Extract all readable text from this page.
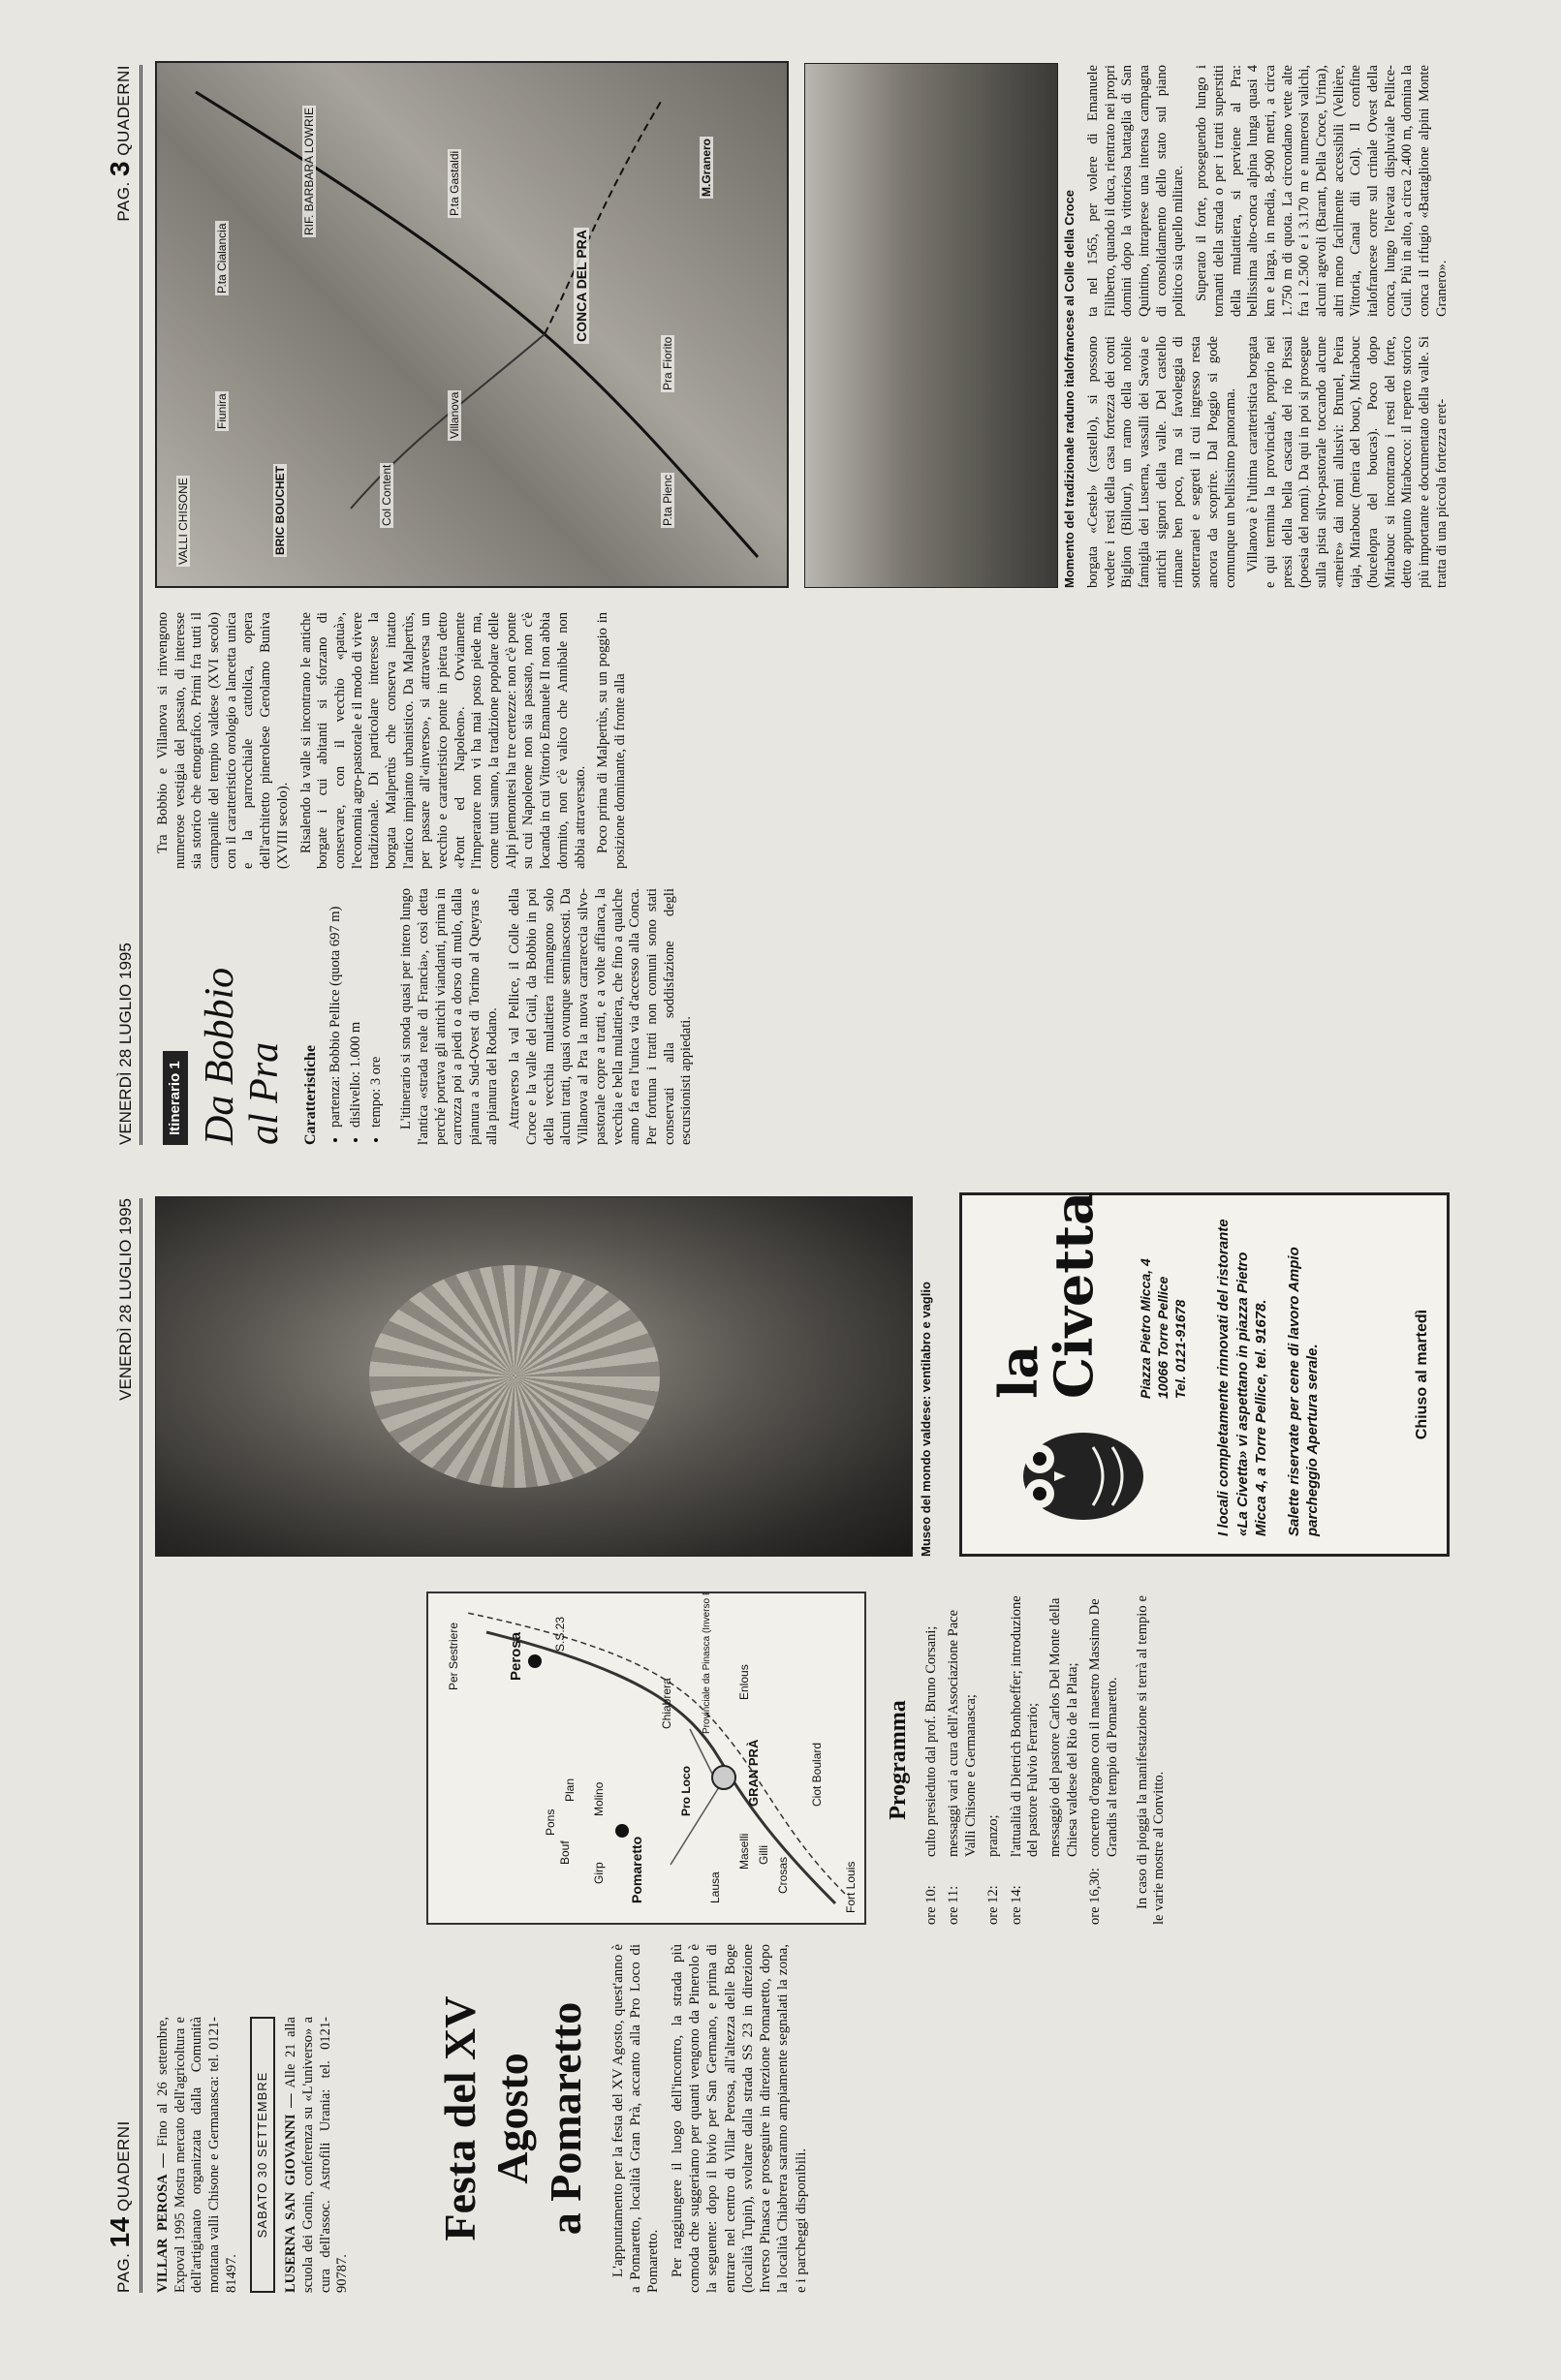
PAG. 14 QUADERNI
VENERDÌ 28 LUGLIO 1995

VILLAR PEROSA — Fino al 26 settembre, Expoval 1995 Mostra mercato dell'agricoltura e dell'artigianato organizzata dalla Comunità montana valli Chisone e Germanasca: tel. 0121-81497.

SABATO 30 SETTEMBRE LUSERNA SAN GIOVANNI — Alle 21 alla scuola dei Gonin, conferenza su «L'universo» a cura dell'assoc. Astrofili Urania: tel. 0121-90787.

Festa del XV Agosto a Pomaretto L'appuntamento per la festa del XV Agosto, quest'anno è a Pomaretto, località Gran Prà, accanto alla Pro Loco di Pomaretto. Per raggiungere il luogo dell'incontro, la strada più comoda che suggeriamo per quanti vengono da Pinerolo è la seguente: dopo il bivio per San Germano, e prima di entrare nel centro di Villar Perosa, all'altezza delle Boge (località Tupin), svoltare dalla strada SS 23 in direzione Inverso Pinasca e proseguire in direzione Pomaretto, dopo la località Chiabrera saranno ampiamente segnalati la zona, e i parcheggi disponibili.

Per Sestriere	Perosa	S.S.23
Pons
Bouf
Plan Molino
Girp Pomaretto
Pro Loco	GRAN PRÀ
Chiabrera	Provinciale da Pinasca (Inverso Pinasca)
Lausa
Maselli Gilli
Crosas
Ciot Boulard
Enlous
Fort Louis
Programma
ore 10:
culto presieduto dal prof. Bruno Corsani;
ore 11:
messaggi vari a cura dell'Associazione Pace Valli Chisone e Germanasca;
ore 12:
pranzo;
ore 14:
l'attualità di Dietrich Bonhoeffer; introduzione del pastore Fulvio Ferrario; messaggio del pastore Carlos Del Monte della Chiesa valdese del Rio de la Plata;
ore 16,30:
concerto d'organo con il maestro Massimo De Grandis al tempio di Pomaretto. In caso di pioggia la manifestazione si terrà al tempio e le varie mostre al Convitto.

Museo del mondo valdese: ventilabro e vaglio la
Civetta Piazza Pietro Micca, 4 10066 Torre Pellice Tel. 0121-91678 I locali completamente rinnovati del ristorante «La Civetta» vi aspettano in piazza Pietro Micca 4, a Torre Pellice, tel. 91678. Salette riservate per cene di lavoro Ampio parcheggio Apertura serale.	Chiuso al martedì
VENERDÌ 28 LUGLIO 1995
PAG. 3 QUADERNI
Itinerario 1 Da Bobbio al Pra Caratteristiche • partenza: Bobbio Pellice (quota 697 m) • dislivello: 1.000 m • tempo: 3 ore L'itinerario si snoda quasi per intero lungo l'antica «strada reale di Francia», così detta perché portava gli antichi viandanti, prima in carrozza poi a piedi o a dorso di mulo, dalla pianura a Sud-Ovest di Torino al Queyras e alla pianura del Rodano. Attraverso la val Pellice, il Colle della Croce e la valle del Guil, da Bobbio in poi della vecchia mulattiera rimangono solo alcuni tratti, quasi ovunque seminascosti. Da Villanova al Pra la nuova carrareccia silvo-pastorale copre a tratti, e a volte affianca, la vecchia e bella mulattiera, che fino a qualche anno fa era l'unica via d'accesso alla Conca. Per fortuna i tratti non comuni sono stati conservati alla soddisfazione degli escursionisti appiedati.

Tra Bobbio e Villanova si rinvengono numerose vestigia del passato, di interesse sia storico che etnografico. Primi fra tutti il campanile del tempio valdese (XVI secolo) con il caratteristico orologio a lancetta unica e la parrocchiale cattolica, opera dell'architetto pinerolese Gerolamo Buniva (XVIII secolo). Risalendo la valle si incontrano le antiche borgate i cui abitanti si sforzano di conservare, con il vecchio «patuà», l'economia agro-pastorale e il modo di vivere tradizionale. Di particolare interesse la borgata Malpertùs che conserva intatto l'antico impianto urbanistico. Da Malpertùs, per passare all'«inverso», si attraversa un vecchio e caratteristico ponte in pietra detto «Pont ed Napoleon». Ovviamente l'imperatore non vi ha mai posto piede ma, come tutti sanno, la tradizione popolare delle Alpi piemontesi ha tre certezze: non c'è ponte su cui Napoleone non sia passato, non c'è locanda in cui Vittorio Emanuele II non abbia dormito, non c'è valico che Annibale non abbia attraversato. Poco prima di Malpertùs, su un poggio in posizione dominante, di fronte alla

VALLI CHISONE
Fiunira
BRIC BOUCHET	Col Content
Villanova
CONCA DEL PRA
P.ta Gastaldi	M.Granero
RIF. BARBARA LOWRIE
P.ta Cialancia
Pra Fiorito
P.ta Pienc	Momento del tradizionale raduno italofrancese al Colle della Croce borgata «Cestel» (castello), si possono vedere i resti della casa fortezza dei conti Biglion (Billour), un ramo della nobile famiglia dei Luserna, vassalli dei Savoia e antichi signori della valle. Del castello rimane ben poco, ma si favoleggia di sotterranei e segreti il cui ingresso resta ancora da scoprire. Dal Poggio si gode comunque un bellissimo panorama. Villanova è l'ultima caratteristica borgata e qui termina la provinciale, proprio nei pressi della bella cascata del rio Pissai (poesia del nomi). Da qui in poi si prosegue sulla pista silvo-pastorale toccando alcune «meire» dai nomi allusivi: Brunel, Peira taja, Mirabouc (meira del bouc), Mirabouc (bucelopra del boucas). Poco dopo Mirabouc si incontrano i resti del forte, detto appunto Mirabocco: il reperto storico più importante e documentato della valle. Si tratta di una piccola fortezza eret-

ta nel 1565, per volere di Emanuele Filiberto, quando il duca, rientrato nei propri domini dopo la vittoriosa battaglia di San Quintino, intraprese una intensa campagna di consolidamento dello stato sul piano politico sia quello militare. Superato il forte, proseguendo lungo i tornanti della strada o per i tratti superstiti della mulattiera, si perviene al Pra: bellissima alto-conca alpina lunga quasi 4 km e larga, in media, 8-900 metri, a circa 1.750 m di quota. La circondano vette alte fra i 2.500 e i 3.170 m e numerosi valichi, alcuni agevoli (Barant, Della Croce, Urina), altri meno facilmente accessibili (Vellière, Vittoria, Canai dii Col). Il confine italofrancese corre sul crinale Ovest della conca, lungo l'elevata displuviale Pellice-Guil. Più in alto, a circa 2.400 m, domina la conca il rifugio «Battaglione alpini Monte Granero».
